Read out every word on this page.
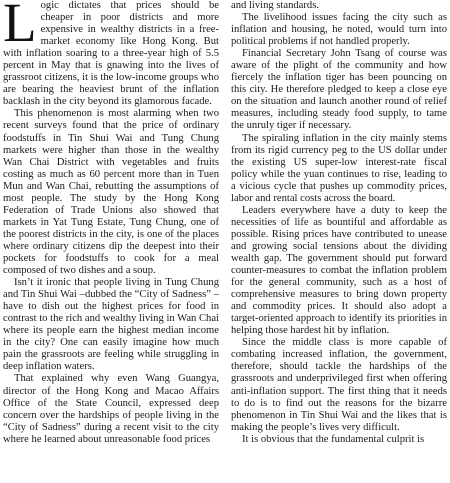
Logic dictates that prices should be cheaper in poor districts and more expensive in wealthy districts in a free-market economy like Hong Kong. But with inflation soaring to a three-year high of 5.5 percent in May that is gnawing into the lives of grassroot citizens, it is the low-income groups who are bearing the heaviest brunt of the inflation backlash in the city beyond its glamorous facade.

This phenomenon is most alarming when two recent surveys found that the price of ordinary foodstuffs in Tin Shui Wai and Tung Chung markets were higher than those in the wealthy Wan Chai District with vegetables and fruits costing as much as 60 percent more than in Tuen Mun and Wan Chai, rebutting the assumptions of most people. The study by the Hong Kong Federation of Trade Unions also showed that markets in Yat Tung Estate, Tung Chung, one of the poorest districts in the city, is one of the places where ordinary citizens dip the deepest into their pockets for foodstuffs to cook for a meal composed of two dishes and a soup.

Isn’t it ironic that people living in Tung Chung and Tin Shui Wai –dubbed the “City of Sadness” – have to dish out the highest prices for food in contrast to the rich and wealthy living in Wan Chai where its people earn the highest median income in the city? One can easily imagine how much pain the grassroots are feeling while struggling in deep inflation waters.

That explained why even Wang Guangya, director of the Hong Kong and Macao Affairs Office of the State Council, expressed deep concern over the hardships of people living in the “City of Sadness” during a recent visit to the city where he learned about unreasonable food prices

and living standards.

The livelihood issues facing the city such as inflation and housing, he noted, would turn into political problems if not handled properly.

Financial Secretary John Tsang of course was aware of the plight of the community and how fiercely the inflation tiger has been pouncing on this city. He therefore pledged to keep a close eye on the situation and launch another round of relief measures, including steady food supply, to tame the unruly tiger if necessary.

The spiraling inflation in the city mainly stems from its rigid currency peg to the US dollar under the existing US super-low interest-rate fiscal policy while the yuan continues to rise, leading to a vicious cycle that pushes up commodity prices, labor and rental costs across the board.

Leaders everywhere have a duty to keep the necessities of life as bountiful and affordable as possible. Rising prices have contributed to unease and growing social tensions about the dividing wealth gap. The government should put forward counter-measures to combat the inflation problem for the general community, such as a host of comprehensive measures to bring down property and commodity prices. It should also adopt a target-oriented approach to identify its priorities in helping those hardest hit by inflation.

Since the middle class is more capable of combating increased inflation, the government, therefore, should tackle the hardships of the grassroots and underprivileged first when offering anti-inflation support. The first thing that it needs to do is to find out the reasons for the bizarre phenomenon in Tin Shui Wai and the likes that is making the people’s lives very difficult.

It is obvious that the fundamental culprit is
